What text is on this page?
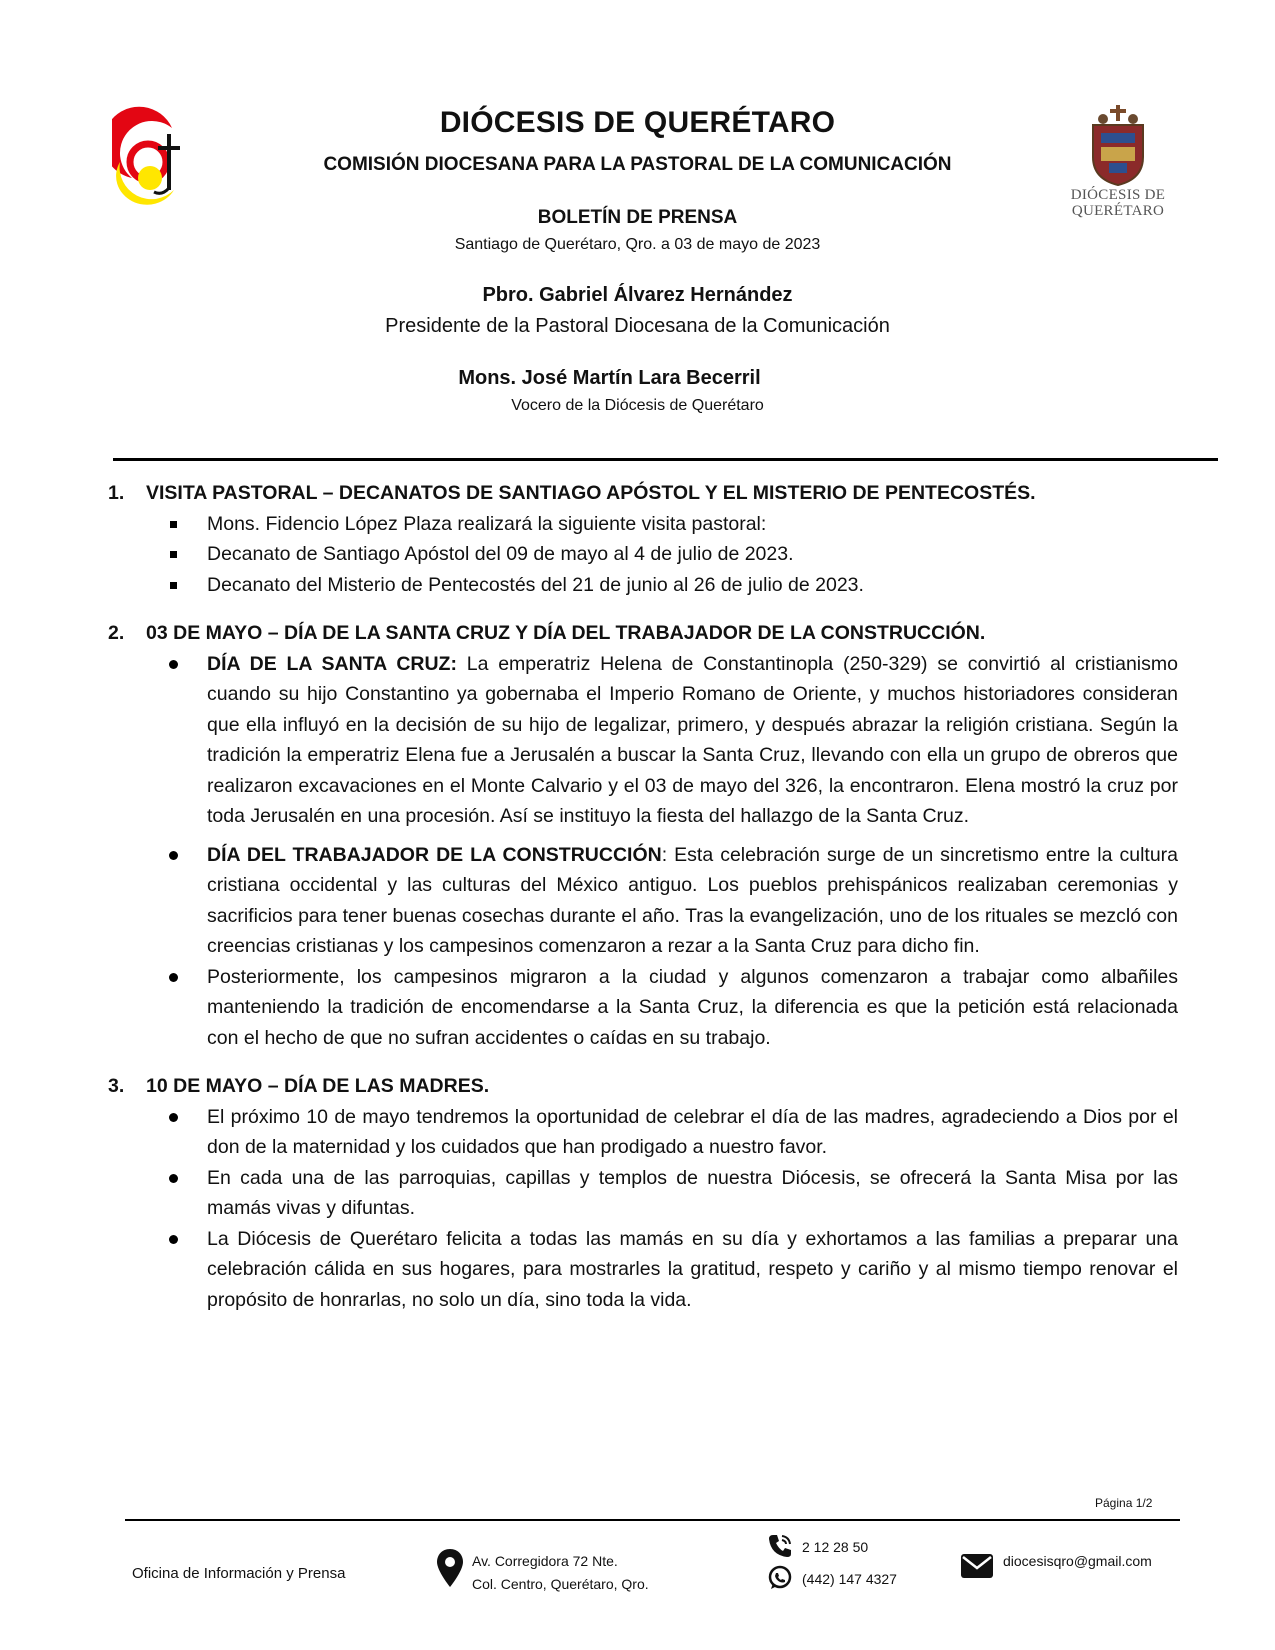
DIÓCESIS DE
QUERÉTARO
DIÓCESIS DE QUERÉTARO
COMISIÓN DIOCESANA PARA LA PASTORAL DE LA COMUNICACIÓN
BOLETÍN DE PRENSA
Santiago de Querétaro, Qro. a 03 de mayo de 2023
Pbro. Gabriel Álvarez Hernández
Presidente de la Pastoral Diocesana de la Comunicación
Mons. José Martín Lara Becerril
Vocero de la Diócesis de Querétaro
1.	VISITA PASTORAL – DECANATOS DE SANTIAGO APÓSTOL Y EL MISTERIO DE PENTECOSTÉS.
Mons. Fidencio López Plaza realizará la siguiente visita pastoral:
Decanato de Santiago Apóstol del 09 de mayo al 4 de julio de 2023.
Decanato del Misterio de Pentecostés del 21 de junio al 26 de julio de 2023.
2.	03 DE MAYO – DÍA DE LA SANTA CRUZ Y DÍA DEL TRABAJADOR DE LA CONSTRUCCIÓN.
DÍA DE LA SANTA CRUZ: La emperatriz Helena de Constantinopla (250-329) se convirtió al cristianismo cuando su hijo Constantino ya gobernaba el Imperio Romano de Oriente, y muchos historiadores consideran que ella influyó en la decisión de su hijo de legalizar, primero, y después abrazar la religión cristiana. Según la tradición la emperatriz Elena fue a Jerusalén a buscar la Santa Cruz, llevando con ella un grupo de obreros que realizaron excavaciones en el Monte Calvario y el 03 de mayo del 326, la encontraron. Elena mostró la cruz por toda Jerusalén en una procesión. Así se instituyo la fiesta del hallazgo de la Santa Cruz.
DÍA DEL TRABAJADOR DE LA CONSTRUCCIÓN: Esta celebración surge de un sincretismo entre la cultura cristiana occidental y las culturas del México antiguo. Los pueblos prehispánicos realizaban ceremonias y sacrificios para tener buenas cosechas durante el año. Tras la evangelización, uno de los rituales se mezcló con creencias cristianas y los campesinos comenzaron a rezar a la Santa Cruz para dicho fin.
Posteriormente, los campesinos migraron a la ciudad y algunos comenzaron a trabajar como albañiles manteniendo la tradición de encomendarse a la Santa Cruz, la diferencia es que la petición está relacionada con el hecho de que no sufran accidentes o caídas en su trabajo.
3.	10 DE MAYO – DÍA DE LAS MADRES.
El próximo 10 de mayo tendremos la oportunidad de celebrar el día de las madres, agradeciendo a Dios por el don de la maternidad y los cuidados que han prodigado a nuestro favor.
En cada una de las parroquias, capillas y templos de nuestra Diócesis, se ofrecerá la Santa Misa por las mamás vivas y difuntas.
La Diócesis de Querétaro felicita a todas las mamás en su día y exhortamos a las familias a preparar una celebración cálida en sus hogares, para mostrarles la gratitud, respeto y cariño y al mismo tiempo renovar el propósito de honrarlas, no solo un día, sino toda la vida.
Página 1/2
Oficina de Información y Prensa
Av. Corregidora 72 Nte.
Col. Centro, Querétaro, Qro.
2 12 28 50
(442) 147 4327
diocesisqro@gmail.com
